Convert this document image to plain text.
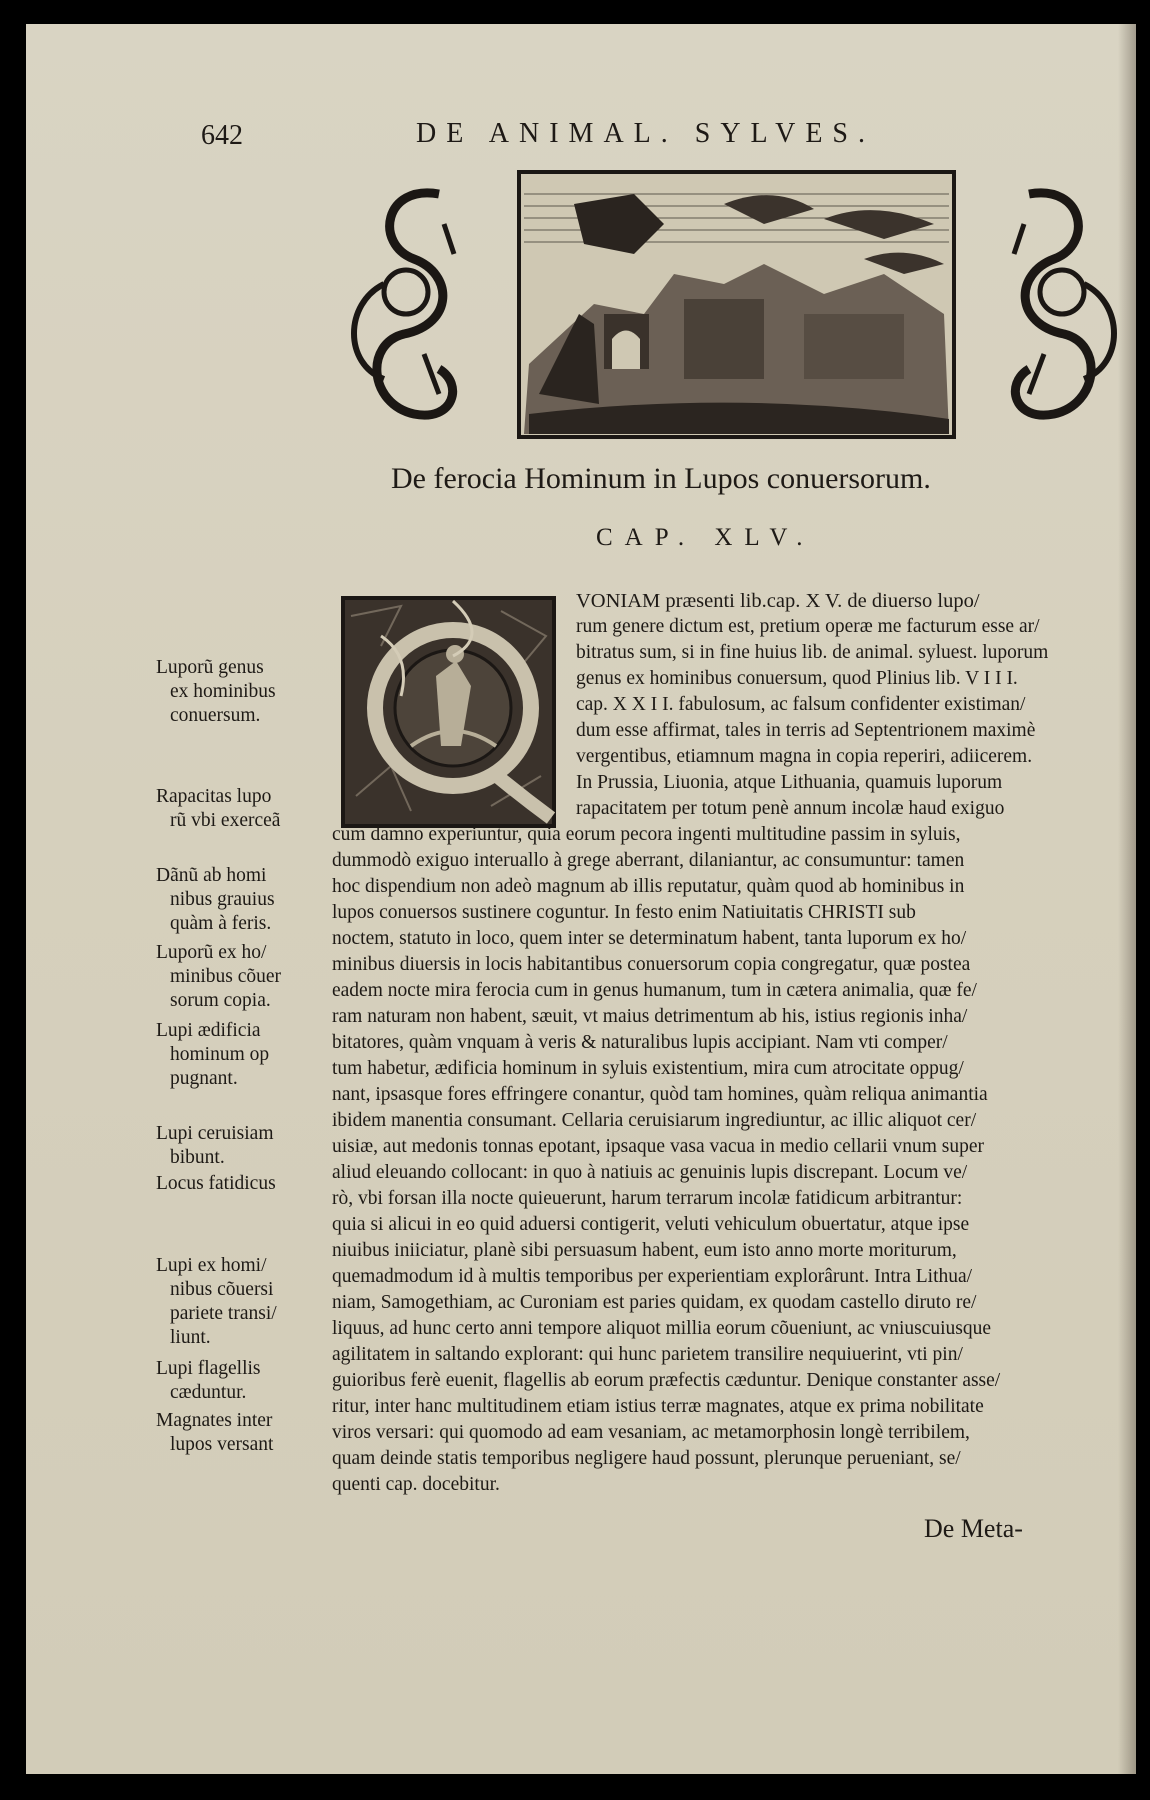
642	DE ANIMAL. SYLVES.
De ferocia Hominum in Lupos conuersorum.
CAP. XLV.
Luporũ genus
ex hominibus
conuersum.
Rapacitas lupo
rũ vbi exerceã
Dãnũ ab homi
nibus grauius
quàm à feris.
Luporũ ex ho/
minibus cõuer
sorum copia.
Lupi ædificia
hominum op
pugnant.
Lupi ceruisiam
bibunt.
Locus fatidicus
Lupi ex homi/
nibus cõuersi
pariete transi/
liunt.
Lupi flagellis
cæduntur.
Magnates inter
lupos versant
VONIAM præsenti lib.cap. X V. de diuerso lupo/
rum genere dictum est, pretium operæ me facturum esse ar/
bitratus sum, si in fine huius lib. de animal. syluest. luporum
genus ex hominibus conuersum, quod Plinius lib. V I I I.
cap. X X I I. fabulosum, ac falsum confidenter existiman/
dum esse affirmat, tales in terris ad Septentrionem maximè
vergentibus, etiamnum magna in copia reperiri, adiicerem.
In Prussia, Liuonia, atque Lithuania, quamuis luporum
rapacitatem per totum penè annum incolæ haud exiguo
cum damno experiuntur, quia eorum pecora ingenti multitudine passim in syluis,
dummodò exiguo interuallo à grege aberrant, dilaniantur, ac consumuntur: tamen
hoc dispendium non adeò magnum ab illis reputatur, quàm quod ab hominibus in
lupos conuersos sustinere coguntur. In festo enim Natiuitatis CHRISTI sub
noctem, statuto in loco, quem inter se determinatum habent, tanta luporum ex ho/
minibus diuersis in locis habitantibus conuersorum copia congregatur, quæ postea
eadem nocte mira ferocia cum in genus humanum, tum in cætera animalia, quæ fe/
ram naturam non habent, sæuit, vt maius detrimentum ab his, istius regionis inha/
bitatores, quàm vnquam à veris & naturalibus lupis accipiant. Nam vti comper/
tum habetur, ædificia hominum in syluis existentium, mira cum atrocitate oppug/
nant, ipsasque fores effringere conantur, quòd tam homines, quàm reliqua animantia
ibidem manentia consumant. Cellaria ceruisiarum ingrediuntur, ac illic aliquot cer/
uisiæ, aut medonis tonnas epotant, ipsaque vasa vacua in medio cellarii vnum super
aliud eleuando collocant: in quo à natiuis ac genuinis lupis discrepant. Locum ve/
rò, vbi forsan illa nocte quieuerunt, harum terrarum incolæ fatidicum arbitrantur:
quia si alicui in eo quid aduersi contigerit, veluti vehiculum obuertatur, atque ipse
niuibus iniiciatur, planè sibi persuasum habent, eum isto anno morte moriturum,
quemadmodum id à multis temporibus per experientiam explorârunt. Intra Lithua/
niam, Samogethiam, ac Curoniam est paries quidam, ex quodam castello diruto re/
liquus, ad hunc certo anni tempore aliquot millia eorum cõueniunt, ac vniuscuiusque
agilitatem in saltando explorant: qui hunc parietem transilire nequiuerint, vti pin/
guioribus ferè euenit, flagellis ab eorum præfectis cæduntur. Denique constanter asse/
ritur, inter hanc multitudinem etiam istius terræ magnates, atque ex prima nobilitate
viros versari: qui quomodo ad eam vesaniam, ac metamorphosin longè terribilem,
quam deinde statis temporibus negligere haud possunt, plerunque perueniant, se/
quenti cap. docebitur.
De Meta-
